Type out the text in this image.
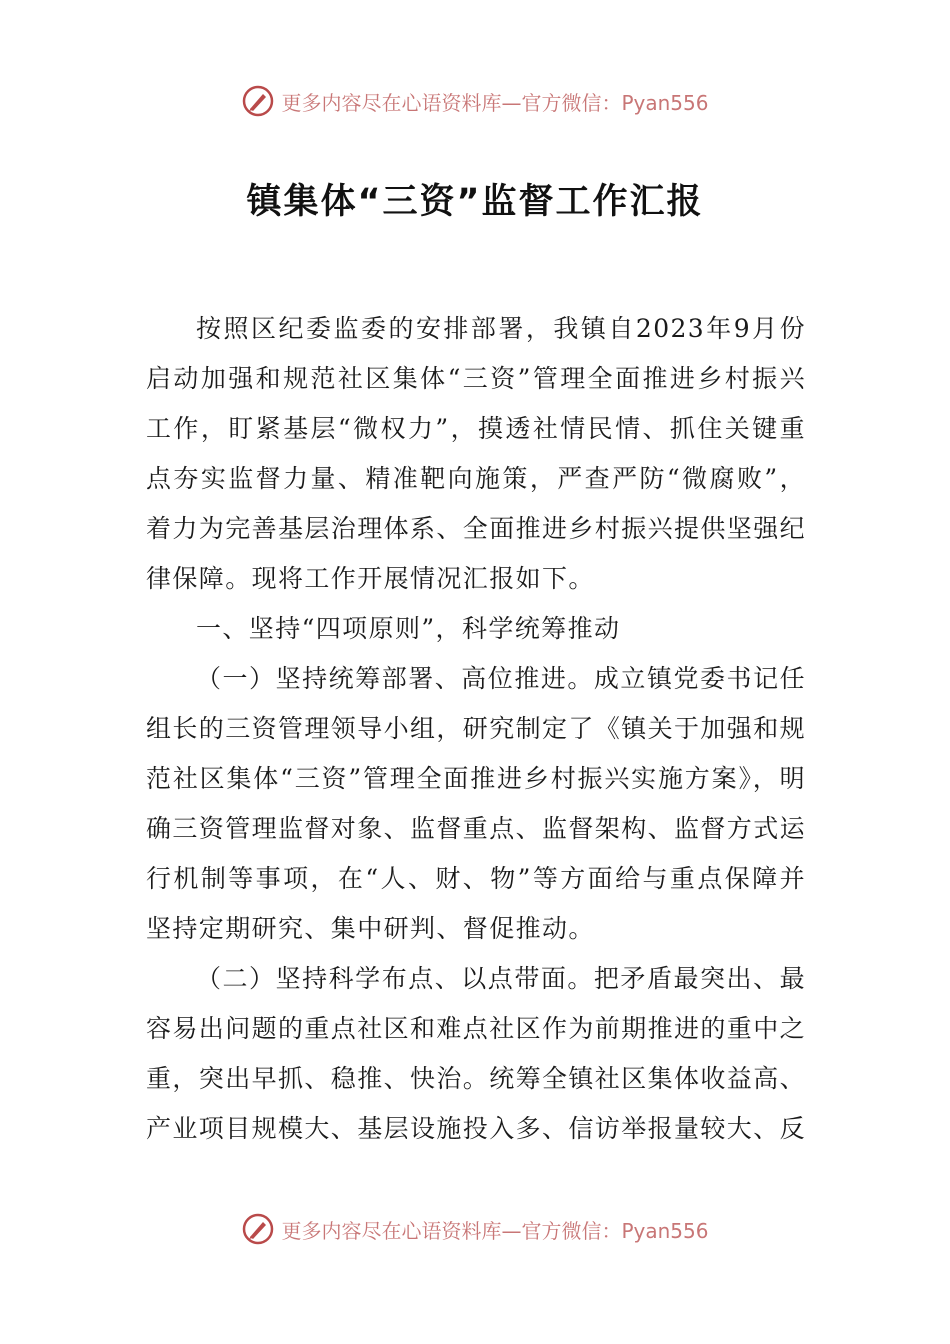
更多内容尽在心语资料库—官方微信：Pyan556
镇集体“三资”监督工作汇报

按照区纪委监委的安排部署，我镇自2023年9月份启动加强和规范社区集体“三资”管理全面推进乡村振兴工作，盯紧基层“微权力”，摸透社情民情、抓住关键重点夯实监督力量、精准靶向施策，严查严防“微腐败”，着力为完善基层治理体系、全面推进乡村振兴提供坚强纪律保障。现将工作开展情况汇报如下。

一、坚持“四项原则”，科学统筹推动

（一）坚持统筹部署、高位推进。成立镇党委书记任组长的三资管理领导小组，研究制定了《镇关于加强和规范社区集体“三资”管理全面推进乡村振兴实施方案》，明确三资管理监督对象、监督重点、监督架构、监督方式运行机制等事项，在“人、财、物”等方面给与重点保障并坚持定期研究、集中研判、督促推动。

（二）坚持科学布点、以点带面。把矛盾最突出、最容易出问题的重点社区和难点社区作为前期推进的重中之重，突出早抓、稳推、快治。统筹全镇社区集体收益高、产业项目规模大、基层设施投入多、信访举报量较大、反

更多内容尽在心语资料库—官方微信：Pyan556
